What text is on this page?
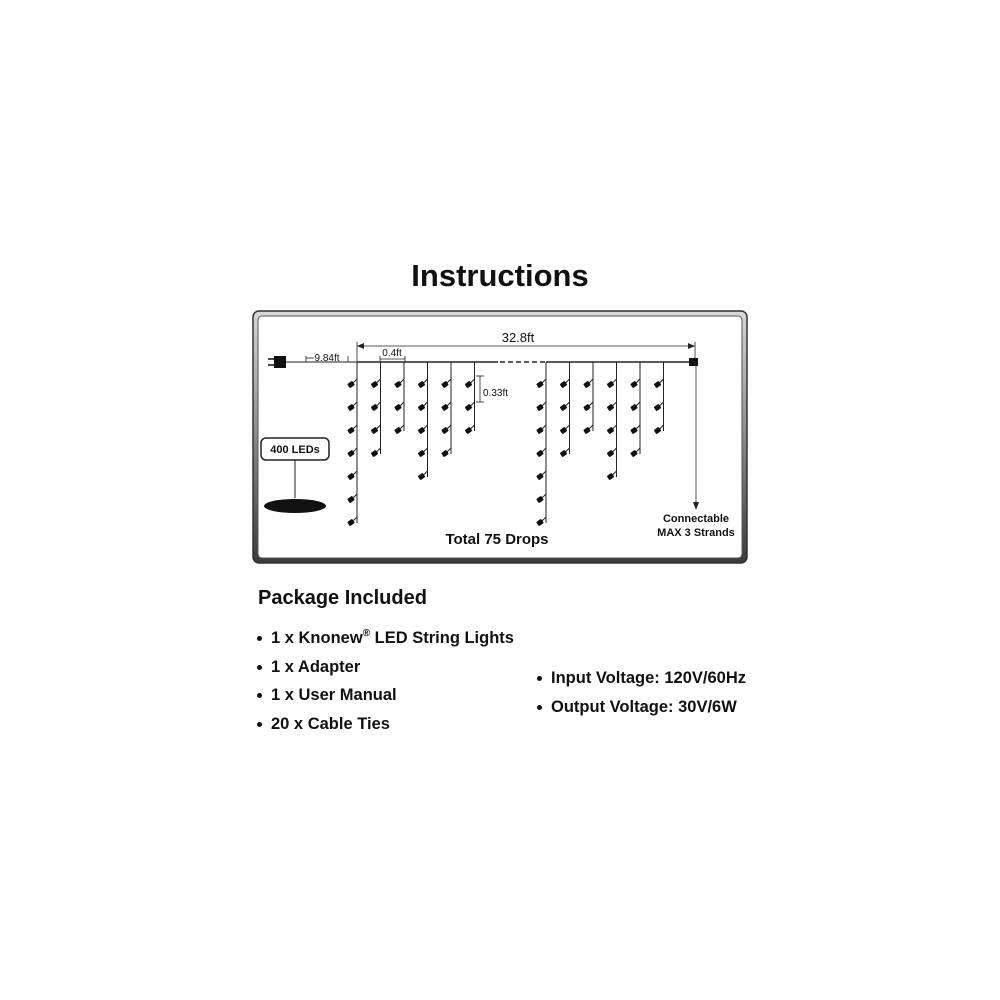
Instructions
32.8ft
9.84ft	0.4ft
0.33ft
Connectable
MAX 3 Strands
400 LEDs
Total 75 Drops
Package Included
1 x Knonew® LED String Lights
1 x Adapter
1 x User Manual
20 x Cable Ties
Input Voltage: 120V/60Hz
Output Voltage: 30V/6W
